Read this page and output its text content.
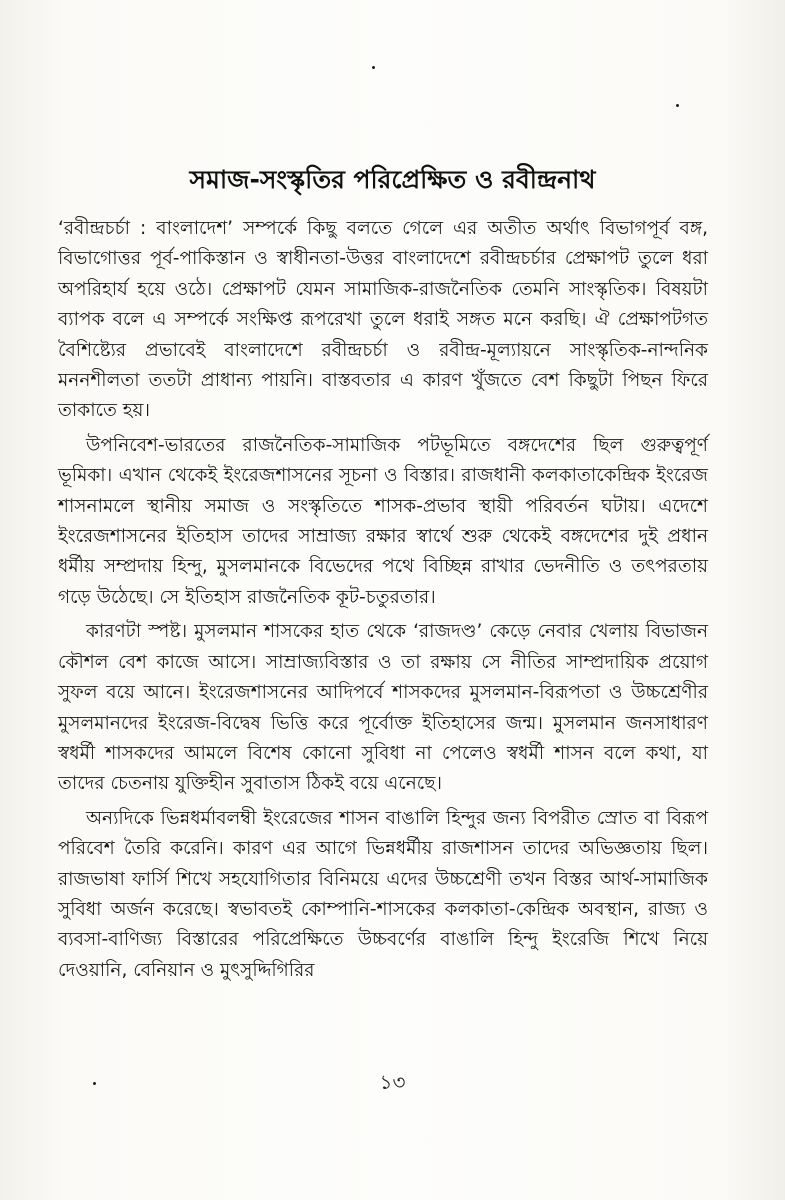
সমাজ-সংস্কৃতির পরিপ্রেক্ষিত ও রবীন্দ্রনাথ

‘রবীন্দ্রচর্চা : বাংলাদেশ’ সম্পর্কে কিছু বলতে গেলে এর অতীত অর্থাৎ বিভাগপূর্ব বঙ্গ, বিভাগোত্তর পূর্ব-পাকিস্তান ও স্বাধীনতা-উত্তর বাংলাদেশে রবীন্দ্রচর্চার প্রেক্ষাপট তুলে ধরা অপরিহার্য হয়ে ওঠে। প্রেক্ষাপট যেমন সামাজিক-রাজনৈতিক তেমনি সাংস্কৃতিক। বিষয়টা ব্যাপক বলে এ সম্পর্কে সংক্ষিপ্ত রূপরেখা তুলে ধরাই সঙ্গত মনে করছি। ঐ প্রেক্ষাপটগত বৈশিষ্ট্যের প্রভাবেই বাংলাদেশে রবীন্দ্রচর্চা ও রবীন্দ্র-মূল্যায়নে সাংস্কৃতিক-নান্দনিক মননশীলতা ততটা প্রাধান্য পায়নি। বাস্তবতার এ কারণ খুঁজতে বেশ কিছুটা পিছন ফিরে তাকাতে হয়।

উপনিবেশ-ভারতের রাজনৈতিক-সামাজিক পটভূমিতে বঙ্গদেশের ছিল গুরুত্বপূর্ণ ভূমিকা। এখান থেকেই ইংরেজশাসনের সূচনা ও বিস্তার। রাজধানী কলকাতাকেন্দ্রিক ইংরেজ শাসনামলে স্থানীয় সমাজ ও সংস্কৃতিতে শাসক-প্রভাব স্থায়ী পরিবর্তন ঘটায়। এদেশে ইংরেজশাসনের ইতিহাস তাদের সাম্রাজ্য রক্ষার স্বার্থে শুরু থেকেই বঙ্গদেশের দুই প্রধান ধর্মীয় সম্প্রদায় হিন্দু, মুসলমানকে বিভেদের পথে বিচ্ছিন্ন রাখার ভেদনীতি ও তৎপরতায় গড়ে উঠেছে। সে ইতিহাস রাজনৈতিক কূট-চতুরতার।

কারণটা স্পষ্ট। মুসলমান শাসকের হাত থেকে ‘রাজদণ্ড’ কেড়ে নেবার খেলায় বিভাজন কৌশল বেশ কাজে আসে। সাম্রাজ্যবিস্তার ও তা রক্ষায় সে নীতির সাম্প্রদায়িক প্রয়োগ সুফল বয়ে আনে। ইংরেজশাসনের আদিপর্বে শাসকদের মুসলমান-বিরূপতা ও উচ্চশ্রেণীর মুসলমানদের ইংরেজ-বিদ্বেষ ভিত্তি করে পূর্বোক্ত ইতিহাসের জন্ম। মুসলমান জনসাধারণ স্বধর্মী শাসকদের আমলে বিশেষ কোনো সুবিধা না পেলেও স্বধর্মী শাসন বলে কথা, যা তাদের চেতনায় যুক্তিহীন সুবাতাস ঠিকই বয়ে এনেছে।

অন্যদিকে ভিন্নধর্মাবলম্বী ইংরেজের শাসন বাঙালি হিন্দুর জন্য বিপরীত স্রোত বা বিরূপ পরিবেশ তৈরি করেনি। কারণ এর আগে ভিন্নধর্মীয় রাজশাসন তাদের অভিজ্ঞতায় ছিল। রাজভাষা ফার্সি শিখে সহযোগিতার বিনিময়ে এদের উচ্চশ্রেণী তখন বিস্তর আর্থ-সামাজিক সুবিধা অর্জন করেছে। স্বভাবতই কোম্পানি-শাসকের কলকাতা-কেন্দ্রিক অবস্থান, রাজ্য ও ব্যবসা-বাণিজ্য বিস্তারের পরিপ্রেক্ষিতে উচ্চবর্ণের বাঙালি হিন্দু ইংরেজি শিখে নিয়ে দেওয়ানি, বেনিয়ান ও মুৎসুদ্দিগিরির

১৩
